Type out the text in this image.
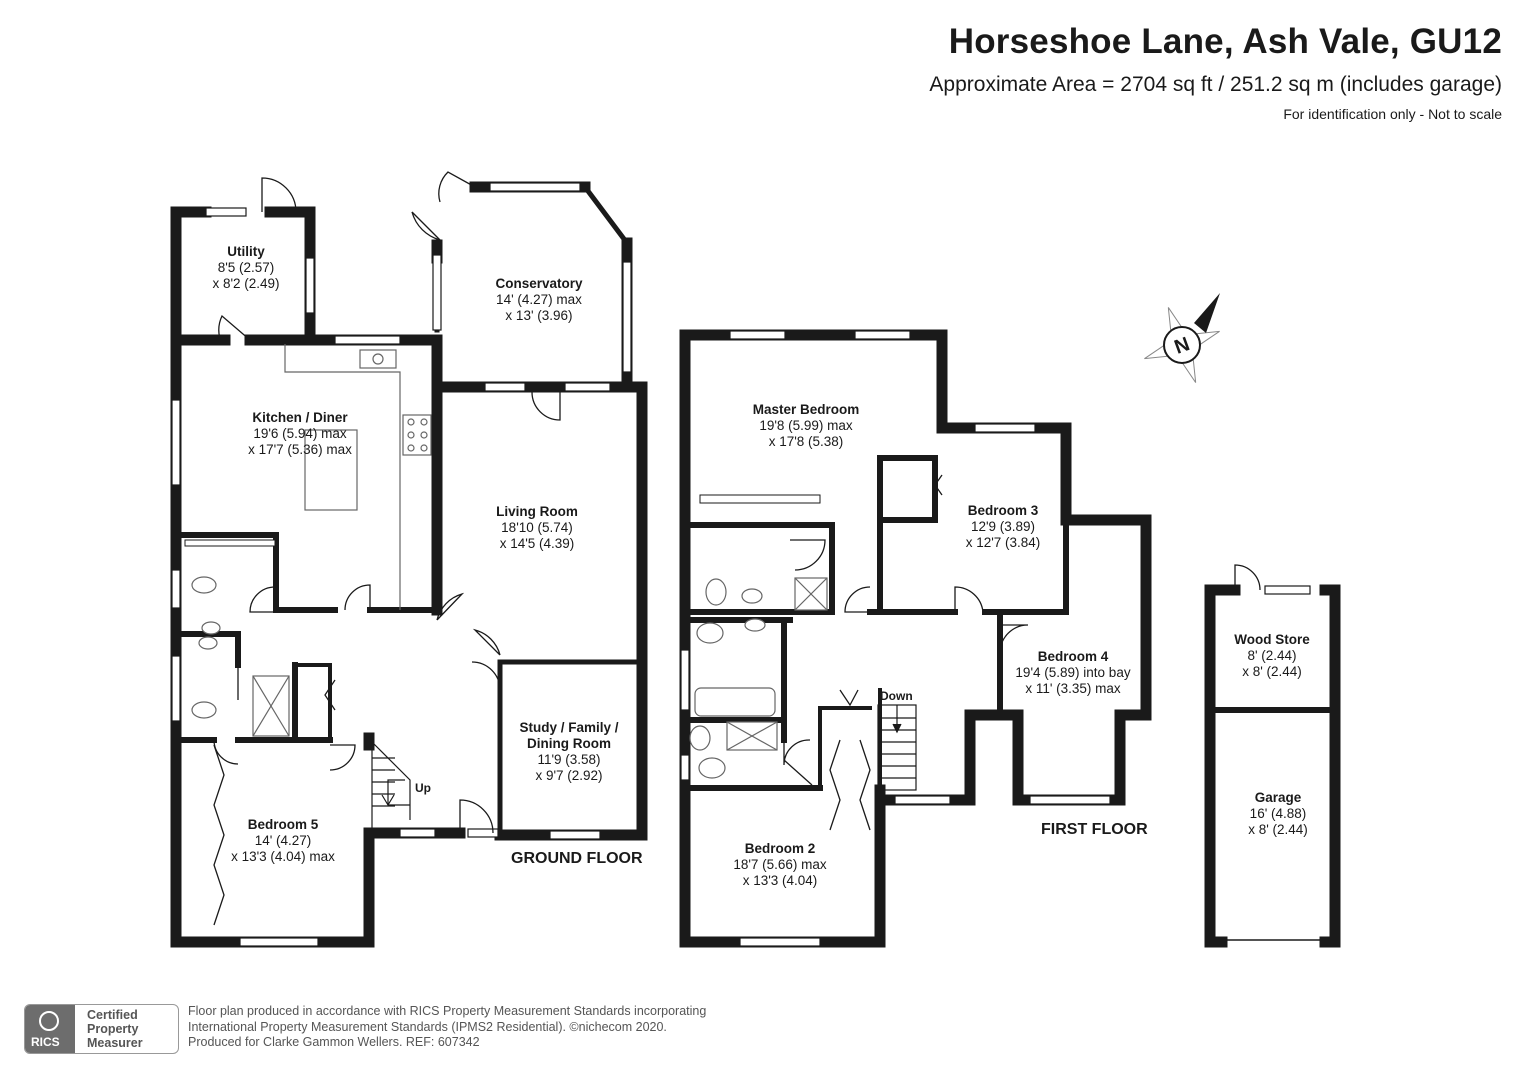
Horseshoe Lane, Ash Vale, GU12
Approximate Area = 2704 sq ft / 251.2 sq m (includes garage)
For identification only - Not to scale
N
Utility
8'5 (2.57)
x 8'2 (2.49)	Conservatory
14' (4.27) max
x 13' (3.96)
Kitchen / Diner
19'6 (5.94) max
x 17'7 (5.36) max
Living Room
18'10 (5.74)
x 14'5 (4.39)
Study / Family / Dining Room
11'9 (3.58)
x 9'7 (2.92)
Bedroom 5
14' (4.27)
x 13'3 (4.04) max
Master Bedroom
19'8 (5.99) max
x 17'8 (5.38)
Bedroom 3
12'9 (3.89)
x 12'7 (3.84)
Bedroom 4
19'4 (5.89) into bay
x 11' (3.35) max
Bedroom 2
18'7 (5.66) max
x 13'3 (4.04)
Wood Store
8' (2.44)
x 8' (2.44)
Garage
16' (4.88)
x 8' (2.44)
GROUND FLOOR
FIRST FLOOR
Up
Down
RICS
Certified
Property
Measurer
Floor plan produced in accordance with RICS Property Measurement Standards incorporating
International Property Measurement Standards (IPMS2 Residential). ©nichecom 2020.
Produced for Clarke Gammon Wellers. REF: 607342
